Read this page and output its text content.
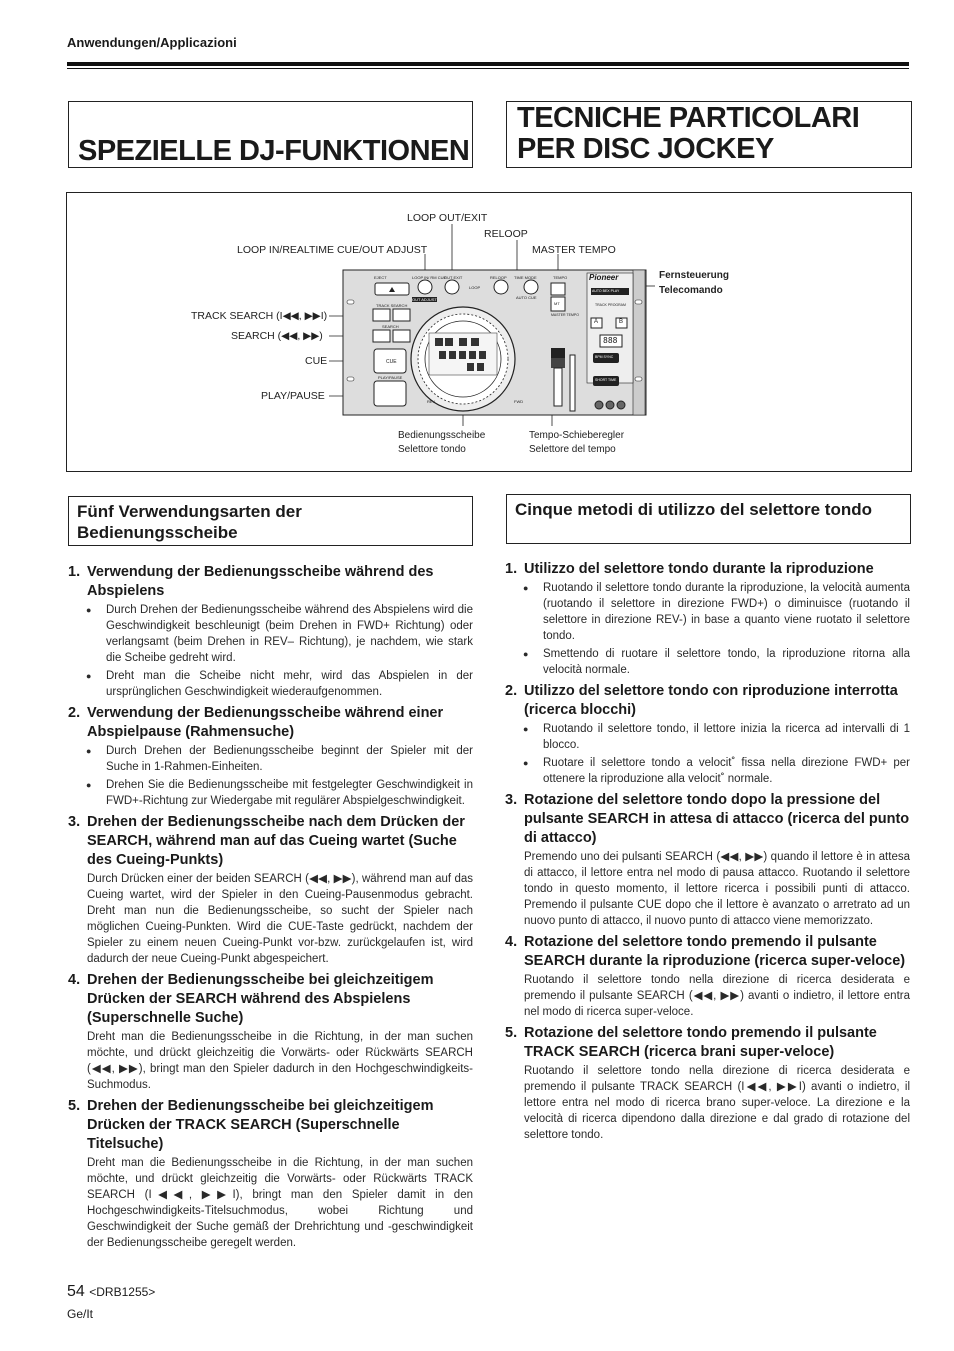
Anwendungen/Applicazioni
SPEZIELLE DJ-FUNKTIONEN
TECNICHE PARTICOLARI
PER DISC JOCKEY
LOOP OUT/EXIT
RELOOP
LOOP IN/REALTIME CUE/OUT ADJUST	MASTER TEMPO
TRACK SEARCH (I◀◀, ▶▶I)
SEARCH (◀◀, ▶▶)
CUE
PLAY/PAUSE
Bedienungsscheibe
Selettore tondo
Tempo-Schieberegler
Selettore del tempo
Fernsteuerung
Telecomando
EJECT	LOOP IN/ RM CUE
OUT EXIT
LOOP
RELOOP TIME MODE
AUTO CUE
TEMPO
TRACK SEARCH
OUT ADJUST
SEARCH
CUE
PLAY/PAUSE
REV	FWD
MT
MASTER TEMPO
Pioneer
AUTO BEX PLAY
TRACK PROGRAM
A	B
888
BPM SYNC
SHORT TIME
Fünf Verwendungsarten der Bedienungsscheibe
Cinque metodi di utilizzo del selettore tondo
1. Verwendung der Bedienungsscheibe während des Abspielens
● Durch Drehen der Bedienungsscheibe während des Abspielens wird die Geschwindigkeit beschleunigt (beim Drehen in FWD+ Richtung) oder verlangsamt (beim Drehen in REV– Richtung), je nachdem, wie stark die Scheibe gedreht wird.
● Dreht man die Scheibe nicht mehr, wird das Abspielen in der ursprünglichen Geschwindigkeit wiederaufgenommen.
2. Verwendung der Bedienungsscheibe während einer Abspielpause (Rahmensuche)
● Durch Drehen der Bedienungsscheibe beginnt der Spieler mit der Suche in 1-Rahmen-Einheiten.
● Drehen Sie die Bedienungsscheibe mit festgelegter Geschwindigkeit in FWD+-Richtung zur Wiedergabe mit regulärer Abspielgeschwindigkeit.
3. Drehen der Bedienungsscheibe nach dem Drücken der SEARCH, während man auf das Cueing wartet (Suche des Cueing-Punkts)
Durch Drücken einer der beiden SEARCH (◀◀, ▶▶), während man auf das Cueing wartet, wird der Spieler in den Cueing-Pausenmodus gebracht. Dreht man nun die Bedienungsscheibe, so sucht der Spieler nach möglichen Cueing-Punkten. Wird die CUE-Taste gedrückt, nachdem der Spieler zu einem neuen Cueing-Punkt vor-bzw. zurückgelaufen ist, wird dadurch der neue Cueing-Punkt abgespeichert.
4. Drehen der Bedienungsscheibe bei gleichzeitigem Drücken der SEARCH während des Abspielens (Superschnelle Suche)
Dreht man die Bedienungsscheibe in die Richtung, in der man suchen möchte, und drückt gleichzeitig die Vorwärts- oder Rückwärts SEARCH (◀◀, ▶▶), bringt man den Spieler dadurch in den Hochgeschwindigkeits-Suchmodus.
5. Drehen der Bedienungsscheibe bei gleichzeitigem Drücken der TRACK SEARCH (Superschnelle Titelsuche)
Dreht man die Bedienungsscheibe in die Richtung, in der man suchen möchte, und drückt gleichzeitig die Vorwärts- oder Rückwärts TRACK SEARCH (I◀◀, ▶▶I), bringt man den Spieler damit in den Hochgeschwindigkeits-Titelsuchmodus, wobei Richtung und Geschwindigkeit der Suche gemäß der Drehrichtung und -geschwindigkeit der Bedienungsscheibe geregelt werden.
1. Utilizzo del selettore tondo durante la riproduzione
● Ruotando il selettore tondo durante la riproduzione, la velocità aumenta (ruotando il selettore in direzione FWD+) o diminuisce (ruotando il selettore in direzione REV-) in base a quanto viene ruotato il selettore tondo.
● Smettendo di ruotare il selettore tondo, la riproduzione ritorna alla velocità normale.
2. Utilizzo del selettore tondo con riproduzione interrotta (ricerca blocchi)
● Ruotando il selettore tondo, il lettore inizia la ricerca ad intervalli di 1 blocco.
● Ruotare il selettore tondo a velocit˚ fissa nella direzione FWD+ per ottenere la riproduzione alla velocit˚ normale.
3. Rotazione del selettore tondo dopo la pressione del pulsante SEARCH in attesa di attacco (ricerca del punto di attacco)
Premendo uno dei pulsanti SEARCH (◀◀, ▶▶) quando il lettore è in attesa di attacco, il lettore entra nel modo di pausa attacco. Ruotando il selettore tondo in questo momento, il lettore ricerca i possibili punti di attacco. Premendo il pulsante CUE dopo che il lettore è avanzato o arretrato ad un nuovo punto di attacco, il nuovo punto di attacco viene memorizzato.
4. Rotazione del selettore tondo premendo il pulsante SEARCH durante la riproduzione (ricerca super-veloce)
Ruotando il selettore tondo nella direzione di ricerca desiderata e premendo il pulsante SEARCH (◀◀, ▶▶) avanti o indietro, il lettore entra nel modo di ricerca super-veloce.
5. Rotazione del selettore tondo premendo il pulsante TRACK SEARCH (ricerca brani super-veloce)
Ruotando il selettore tondo nella direzione di ricerca desiderata e premendo il pulsante TRACK SEARCH (I◀◀, ▶▶I) avanti o indietro, il lettore entra nel modo di ricerca brano super-veloce. La direzione e la velocità di ricerca dipendono dalla direzione e dal grado di rotazione del selettore tondo.
54 <DRB1255>
Ge/It
